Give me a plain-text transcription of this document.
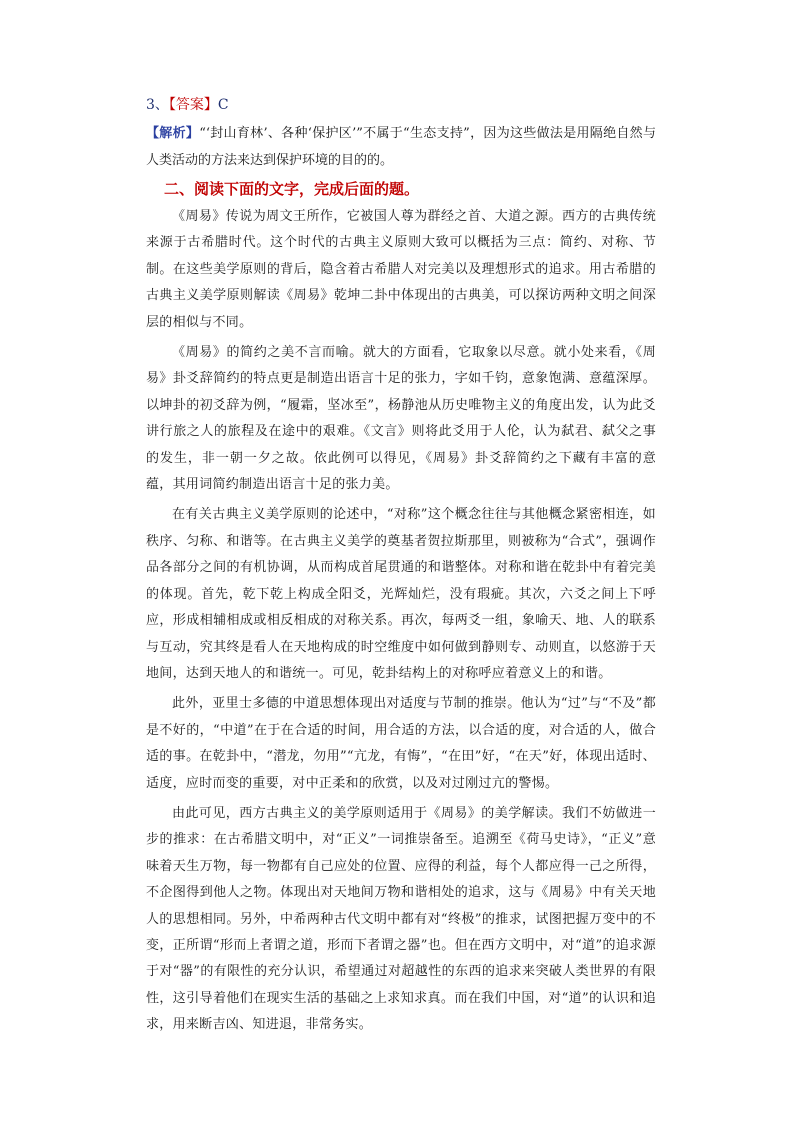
3、【答案】C

【解析】“‘封山育林’、各种‘保护区’”不属于“生态支持”，因为这些做法是用隔绝自然与人类活动的方法来达到保护环境的目的的。

二、阅读下面的文字，完成后面的题。

《周易》传说为周文王所作，它被国人尊为群经之首、大道之源。西方的古典传统来源于古希腊时代。这个时代的古典主义原则大致可以概括为三点：简约、对称、节制。在这些美学原则的背后，隐含着古希腊人对完美以及理想形式的追求。用古希腊的古典主义美学原则解读《周易》乾坤二卦中体现出的古典美，可以探访两种文明之间深层的相似与不同。

《周易》的简约之美不言而喻。就大的方面看，它取象以尽意。就小处来看，《周易》卦爻辞简约的特点更是制造出语言十足的张力，字如千钧，意象饱满、意蕴深厚。以坤卦的初爻辞为例，“履霜，坚冰至”，杨静池从历史唯物主义的角度出发，认为此爻讲行旅之人的旅程及在途中的艰难。《文言》则将此爻用于人伦，认为弑君、弑父之事的发生，非一朝一夕之故。依此例可以得见，《周易》卦爻辞简约之下藏有丰富的意蕴，其用词简约制造出语言十足的张力美。

在有关古典主义美学原则的论述中，“对称”这个概念往往与其他概念紧密相连，如秩序、匀称、和谐等。在古典主义美学的奠基者贺拉斯那里，则被称为“合式”，强调作品各部分之间的有机协调，从而构成首尾贯通的和谐整体。对称和谐在乾卦中有着完美的体现。首先，乾下乾上构成全阳爻，光辉灿烂，没有瑕疵。其次，六爻之间上下呼应，形成相辅相成或相反相成的对称关系。再次，每两爻一组，象喻天、地、人的联系与互动，究其终是看人在天地构成的时空维度中如何做到静则专、动则直，以悠游于天地间，达到天地人的和谐统一。可见，乾卦结构上的对称呼应着意义上的和谐。

此外，亚里士多德的中道思想体现出对适度与节制的推崇。他认为“过”与“不及”都是不好的，“中道”在于在合适的时间，用合适的方法，以合适的度，对合适的人，做合适的事。在乾卦中，“潜龙，勿用”“亢龙，有悔”，“在田”好，“在天”好，体现出适时、适度，应时而变的重要，对中正柔和的欣赏，以及对过刚过亢的警惕。

由此可见，西方古典主义的美学原则适用于《周易》的美学解读。我们不妨做进一步的推求：在古希腊文明中，对“正义”一词推崇备至。追溯至《荷马史诗》，“正义”意味着天生万物，每一物都有自己应处的位置、应得的利益，每个人都应得一己之所得，不企图得到他人之物。体现出对天地间万物和谐相处的追求，这与《周易》中有关天地人的思想相同。另外，中希两种古代文明中都有对“终极”的推求，试图把握万变中的不变，正所谓“形而上者谓之道，形而下者谓之器”也。但在西方文明中，对“道”的追求源于对“器”的有限性的充分认识，希望通过对超越性的东西的追求来突破人类世界的有限性，这引导着他们在现实生活的基础之上求知求真。而在我们中国，对“道”的认识和追求，用来断吉凶、知进退，非常务实。
